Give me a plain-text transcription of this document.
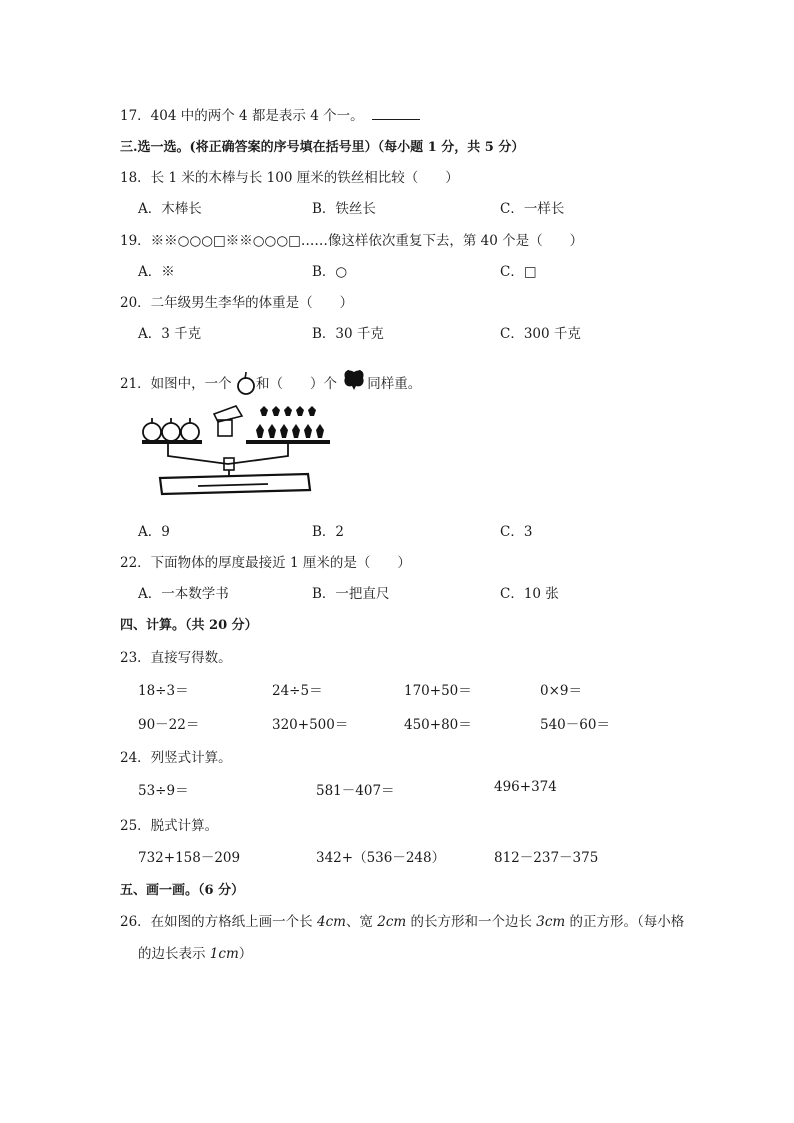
17．404 中的两个 4 都是表示 4 个一。
三.选一选。(将正确答案的序号填在括号里）（每小题 1 分，共 5 分）
18．长 1 米的木棒与长 100 厘米的铁丝相比较（　　）
A．木棒长	B．铁丝长	C．一样长
19．※※○○○□※※○○○□……像这样依次重复下去，第 40 个是（　　）
A．※	B．○	C．□
20．二年级男生李华的体重是（　　）
A．3 千克	B．30 千克	C．300 千克
21．如图中，一个 和（　　）个 同样重。
A．9	B．2	C．3
22．下面物体的厚度最接近 1 厘米的是（　　）
A．一本数学书	B．一把直尺	C．10 张
四、计算。（共 20 分）
23．直接写得数。
18÷3＝	24÷5＝	170+50＝	0×9＝
90－22＝	320+500＝	450+80＝	540－60＝
24．列竖式计算。
53÷9＝	581－407＝	496+374
25．脱式计算。
732+158－209	342+（536－248）	812－237－375
五、画一画。（6 分）
26．在如图的方格纸上画一个长 4cm、宽 2cm 的长方形和一个边长 3cm 的正方形。（每小格
的边长表示 1cm）
